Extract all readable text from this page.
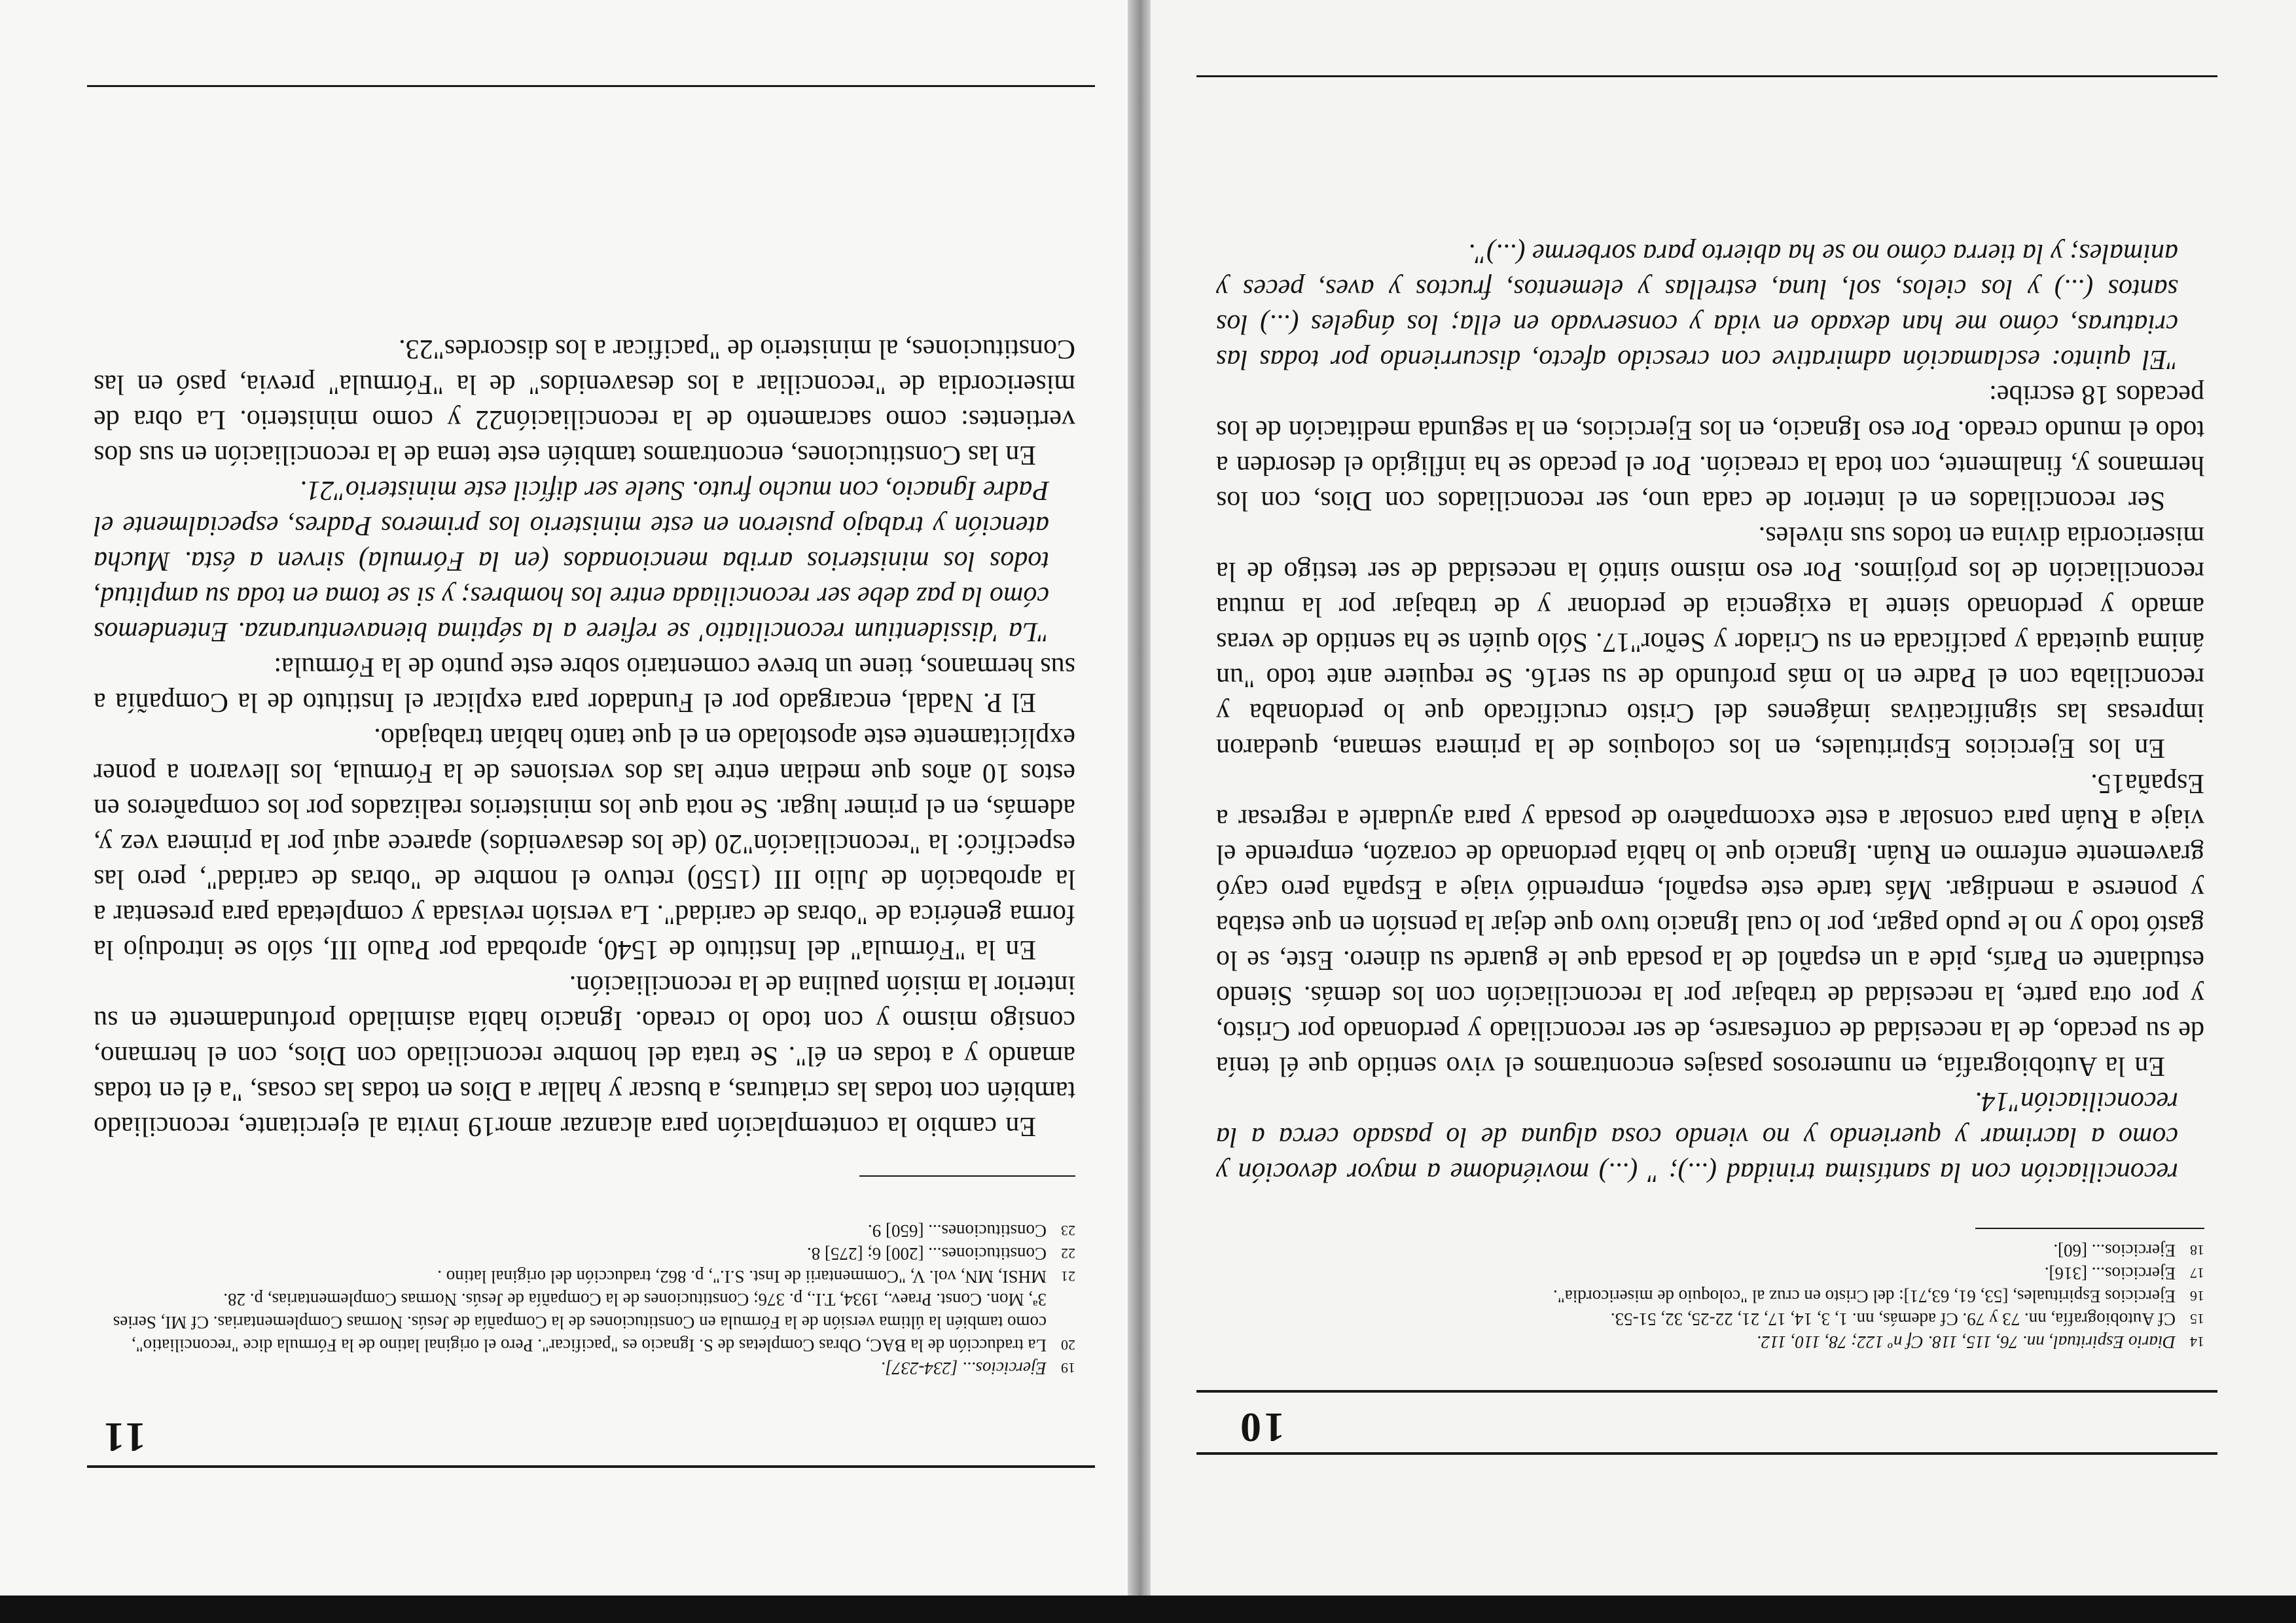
10
14
Diario Espiritual, nn. 76, 115, 118. Cf nº 122; 78, 110, 112.
15
Cf Autobiografía, nn. 73 y 79. Cf además, nn. 1, 3, 14, 17, 21, 22-25, 32, 51-53.
16
Ejercicios Espirituales, [53, 61, 63,71]: del Cristo en cruz al "coloquio de misericordia".
17
Ejercicios... [316].
18
Ejercicios... [60].

reconciliación con la santísima trinidad (...); " (...) moviéndome a mayor devoción y como a lacrimar y queriendo y no viendo cosa alguna de lo pasado cerca a la reconciliación"14.

En la Autobiografía, en numerosos pasajes encontramos el vivo sentido que él tenía de su pecado, de la necesidad de confesarse, de ser reconciliado y perdonado por Cristo, y por otra parte, la necesidad de trabajar por la reconciliación con los demás. Siendo estudiante en París, pide a un español de la posada que le guarde su dinero. Este, se lo gastó todo y no le pudo pagar, por lo cual Ignacio tuvo que dejar la pensión en que estaba y ponerse a mendigar. Más tarde este español, emprendió viaje a España pero cayó gravemente enfermo en Ruán. Ignacio que lo había perdonado de corazón, emprende el viaje a Ruán para consolar a este excompañero de posada y para ayudarle a regresar a España15.

En los Ejercicios Espirituales, en los coloquios de la primera semana, quedaron impresas las significativas imágenes del Cristo crucificado que lo perdonaba y reconciliaba con el Padre en lo más profundo de su ser16. Se requiere ante todo "un ánima quietada y pacificada en su Criador y Señor"17. Sólo quién se ha sentido de veras amado y perdonado siente la exigencia de perdonar y de trabajar por la mutua reconciliación de los prójimos. Por eso mismo sintió la necesidad de ser testigo de la misericordia divina en todos sus niveles.

Ser reconciliados en el interior de cada uno, ser reconciliados con Dios, con los hermanos y, finalmente, con toda la creación. Por el pecado se ha infligido el desorden a todo el mundo creado. Por eso Ignacio, en los Ejercicios, en la segunda meditación de los pecados 18 escribe:

"El quinto: esclamación admirative con crescido afecto, discurriendo por todas las criaturas, cómo me han dexado en vida y conservado en ella; los ángeles (...) los santos (...) y los cielos, sol, luna, estrellas y elementos, fructos y aves, peces y animales; y la tierra cómo no se ha abierto para sorberme (...)".

11
19
Ejercicios... [234-237].
20
La traducción de la BAC, Obras Completas de S. Ignacio es "pacificar". Pero el original latino de la Fórmula dice "reconciliatio", como también la última versión de la Fórmula en Constituciones de la Compañía de Jesús. Normas Complementarias. Cf MI, Series 3ª, Mon. Const. Praev., 1934, T.I., p. 376; Constituciones de la Compañía de Jesús. Normas Complementarias, p. 28.
21
MHSI, MN, vol. V, "Commentarii de Inst. S.I.", p. 862, traducción del original latino .
22
Constituciones... [200] 6; [275] 8.
23
Constituciones... [650] 9.

En cambio la contemplación para alcanzar amor19 invita al ejercitante, reconciliado también con todas las criaturas, a buscar y hallar a Dios en todas las cosas, "a él en todas amando y a todas en él". Se trata del hombre reconciliado con Dios, con el hermano, consigo mismo y con todo lo creado. Ignacio había asimilado profundamente en su interior la misión paulina de la reconciliación.

En la "Fórmula" del Instituto de 1540, aprobada por Paulo III, sólo se introdujo la forma genérica de "obras de caridad". La versión revisada y completada para presentar a la aprobación de Julio III (1550) retuvo el nombre de "obras de caridad", pero las especificó: la "reconciliación"20 (de los desavenidos) aparece aquí por la primera vez y, además, en el primer lugar. Se nota que los ministerios realizados por los compañeros en estos 10 años que median entre las dos versiones de la Fórmula, los llevaron a poner explícitamente este apostolado en el que tanto habían trabajado.

El P. Nadal, encargado por el Fundador para explicar el Instituto de la Compañía a sus hermanos, tiene un breve comentario sobre este punto de la Fórmula:

"La 'dissidentium reconciliatio' se refiere a la séptima bienaventuranza. Entendemos cómo la paz debe ser reconciliada entre los hombres; y si se toma en toda su amplitud, todos los ministerios arriba mencionados (en la Fórmula) sirven a ésta. Mucha atención y trabajo pusieron en este ministerio los primeros Padres, especialmente el Padre Ignacio, con mucho fruto. Suele ser difícil este ministerio"21.

En las Constituciones, encontramos también este tema de la reconciliación en sus dos vertientes: como sacramento de la reconciliación22 y como ministerio. La obra de misericordia de "reconciliar a los desavenidos" de la "Fórmula" previa, pasó en las Constituciones, al ministerio de "pacificar a los discordes"23.
